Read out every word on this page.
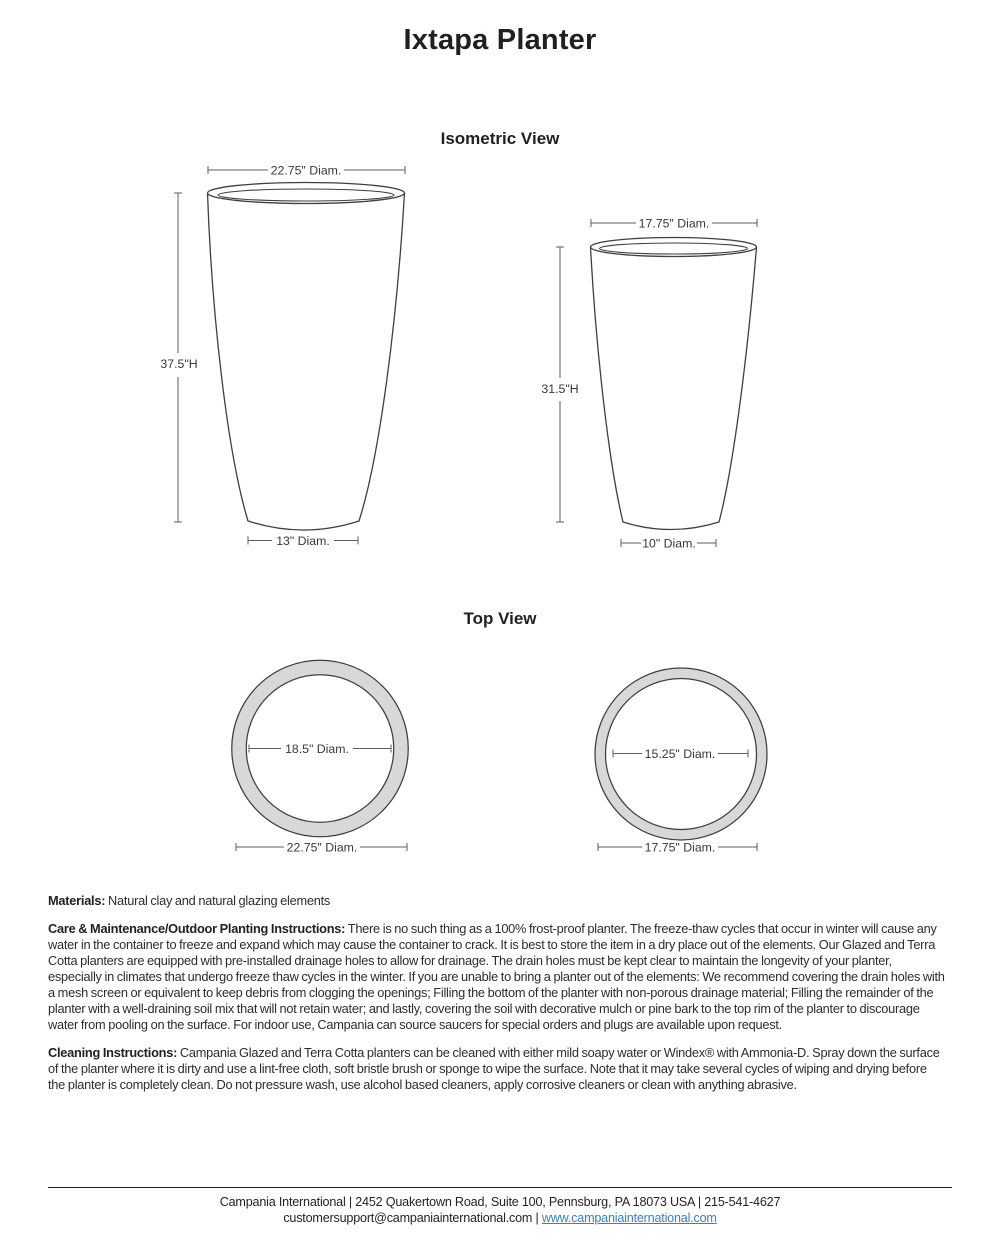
Ixtapa Planter
Isometric View
Top View
22.75" Diam.
37.5"H
13" Diam.
17.75" Diam.
31.5"H
10" Diam.
18.5" Diam.
22.75" Diam.
15.25" Diam.
17.75" Diam.

Materials: Natural clay and natural glazing elements

Care & Maintenance/Outdoor Planting Instructions: There is no such thing as a 100% frost-proof planter. The freeze-thaw cycles that occur in winter will cause any water in the container to freeze and expand which may cause the container to crack. It is best to store the item in a dry place out of the elements. Our Glazed and Terra Cotta planters are equipped with pre-installed drainage holes to allow for drainage. The drain holes must be kept clear to maintain the longevity of your planter, especially in climates that undergo freeze thaw cycles in the winter. If you are unable to bring a planter out of the elements: We recommend covering the drain holes with a mesh screen or equivalent to keep debris from clogging the openings; Filling the bottom of the planter with non-porous drainage material; Filling the remainder of the planter with a well-draining soil mix that will not retain water; and lastly, covering the soil with decorative mulch or pine bark to the top rim of the planter to discourage water from pooling on the surface. For indoor use, Campania can source saucers for special orders and plugs are available upon request.

Cleaning Instructions: Campania Glazed and Terra Cotta planters can be cleaned with either mild soapy water or Windex® with Ammonia-D. Spray down the surface of the planter where it is dirty and use a lint-free cloth, soft bristle brush or sponge to wipe the surface. Note that it may take several cycles of wiping and drying before the planter is completely clean. Do not pressure wash, use alcohol based cleaners, apply corrosive cleaners or clean with anything abrasive.

Campania International | 2452 Quakertown Road, Suite 100, Pennsburg, PA 18073 USA | 215-541-4627
customersupport@campaniainternational.com | www.campaniainternational.com
